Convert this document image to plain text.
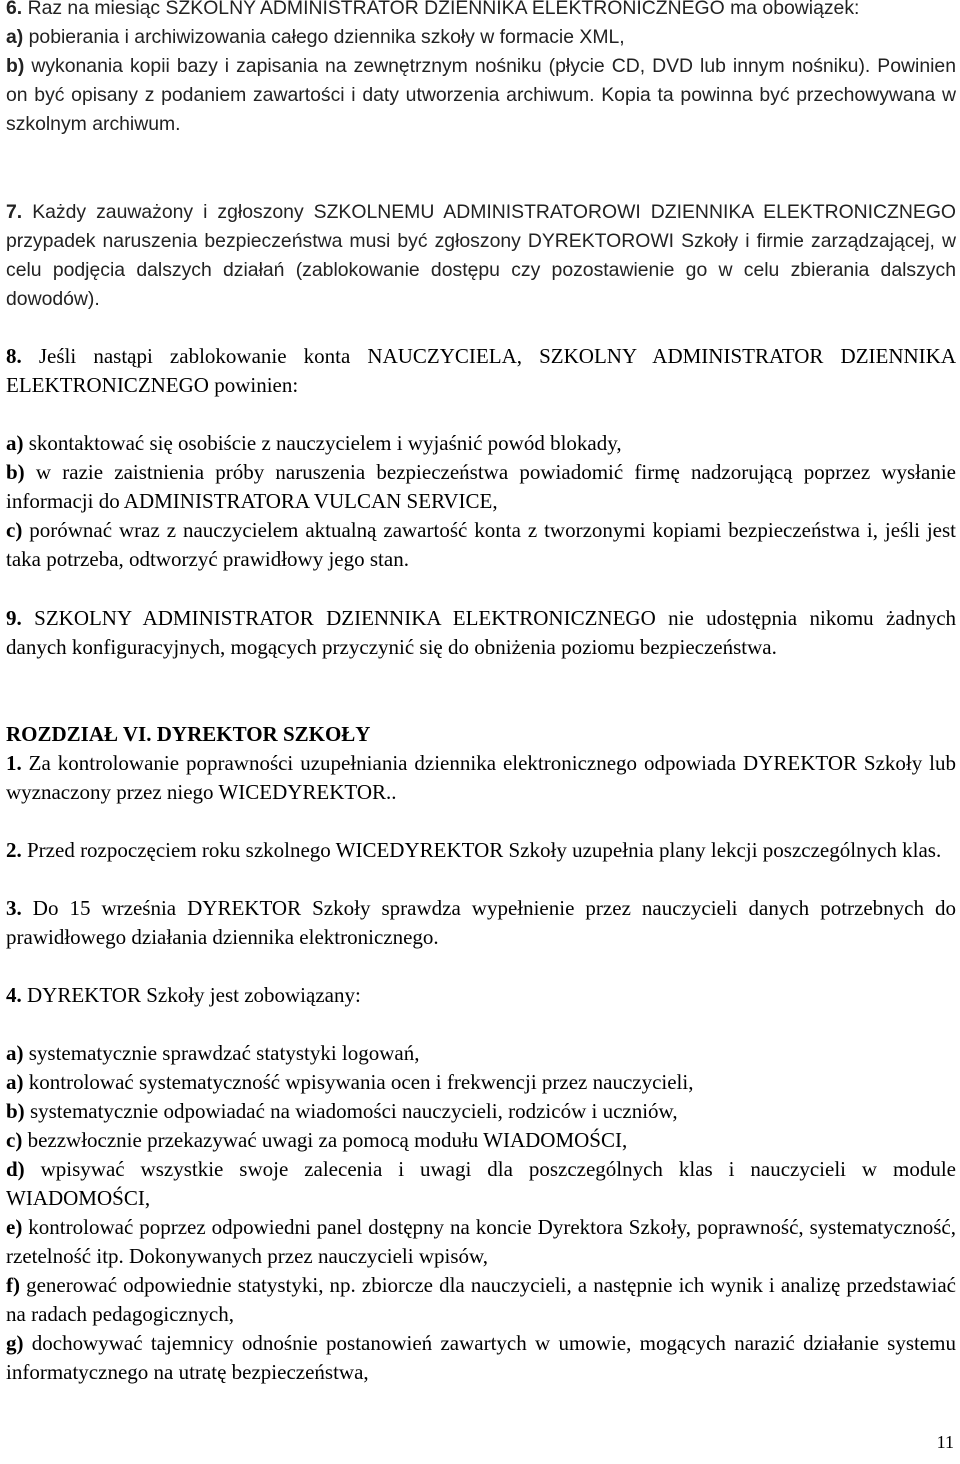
6. Raz na miesiąc SZKOLNY ADMINISTRATOR DZIENNIKA ELEKTRONICZNEGO ma obowiązek:

a) pobierania i archiwizowania całego dziennika szkoły w formacie XML,

b) wykonania kopii bazy i zapisania na zewnętrznym nośniku (płycie CD, DVD lub innym nośniku). Powinien on być opisany z podaniem zawartości i daty utworzenia archiwum. Kopia ta powinna być przechowywana w szkolnym archiwum.

7. Każdy zauważony i zgłoszony SZKOLNEMU ADMINISTRATOROWI DZIENNIKA ELEKTRONICZNEGO przypadek naruszenia bezpieczeństwa musi być zgłoszony DYREKTOROWI Szkoły i firmie zarządzającej, w celu podjęcia dalszych działań (zablokowanie dostępu czy pozostawienie go w celu zbierania dalszych dowodów).

8. Jeśli nastąpi zablokowanie konta NAUCZYCIELA, SZKOLNY ADMINISTRATOR DZIENNIKA ELEKTRONICZNEGO powinien:

a) skontaktować się osobiście z nauczycielem i wyjaśnić powód blokady,

b) w razie zaistnienia próby naruszenia bezpieczeństwa powiadomić firmę nadzorującą poprzez wysłanie informacji do ADMINISTRATORA VULCAN SERVICE,

c) porównać wraz z nauczycielem aktualną zawartość konta z tworzonymi kopiami bezpieczeństwa i, jeśli jest taka potrzeba, odtworzyć prawidłowy jego stan.

9. SZKOLNY ADMINISTRATOR DZIENNIKA ELEKTRONICZNEGO nie udostępnia nikomu żadnych danych konfiguracyjnych, mogących przyczynić się do obniżenia poziomu bezpieczeństwa.

ROZDZIAŁ VI. DYREKTOR SZKOŁY

1. Za kontrolowanie poprawności uzupełniania dziennika elektronicznego odpowiada DYREKTOR Szkoły lub wyznaczony przez niego WICEDYREKTOR..

2. Przed rozpoczęciem roku szkolnego WICEDYREKTOR Szkoły uzupełnia plany lekcji poszczególnych klas.

3. Do 15 września DYREKTOR Szkoły sprawdza wypełnienie przez nauczycieli danych potrzebnych do prawidłowego działania dziennika elektronicznego.

4. DYREKTOR Szkoły jest zobowiązany:

a) systematycznie sprawdzać statystyki logowań,

a) kontrolować systematyczność wpisywania ocen i frekwencji przez nauczycieli,

b) systematycznie odpowiadać na wiadomości nauczycieli, rodziców i uczniów,

c) bezzwłocznie przekazywać uwagi za pomocą modułu WIADOMOŚCI,

d) wpisywać wszystkie swoje zalecenia i uwagi dla poszczególnych klas i nauczycieli w module WIADOMOŚCI,

e) kontrolować poprzez odpowiedni panel dostępny na koncie Dyrektora Szkoły, poprawność, systematyczność, rzetelność itp. Dokonywanych przez nauczycieli wpisów,

f) generować odpowiednie statystyki, np. zbiorcze dla nauczycieli, a następnie ich wynik i analizę przedstawiać na radach pedagogicznych,

g) dochowywać tajemnicy odnośnie postanowień zawartych w umowie, mogących narazić działanie systemu informatycznego na utratę bezpieczeństwa,

11
